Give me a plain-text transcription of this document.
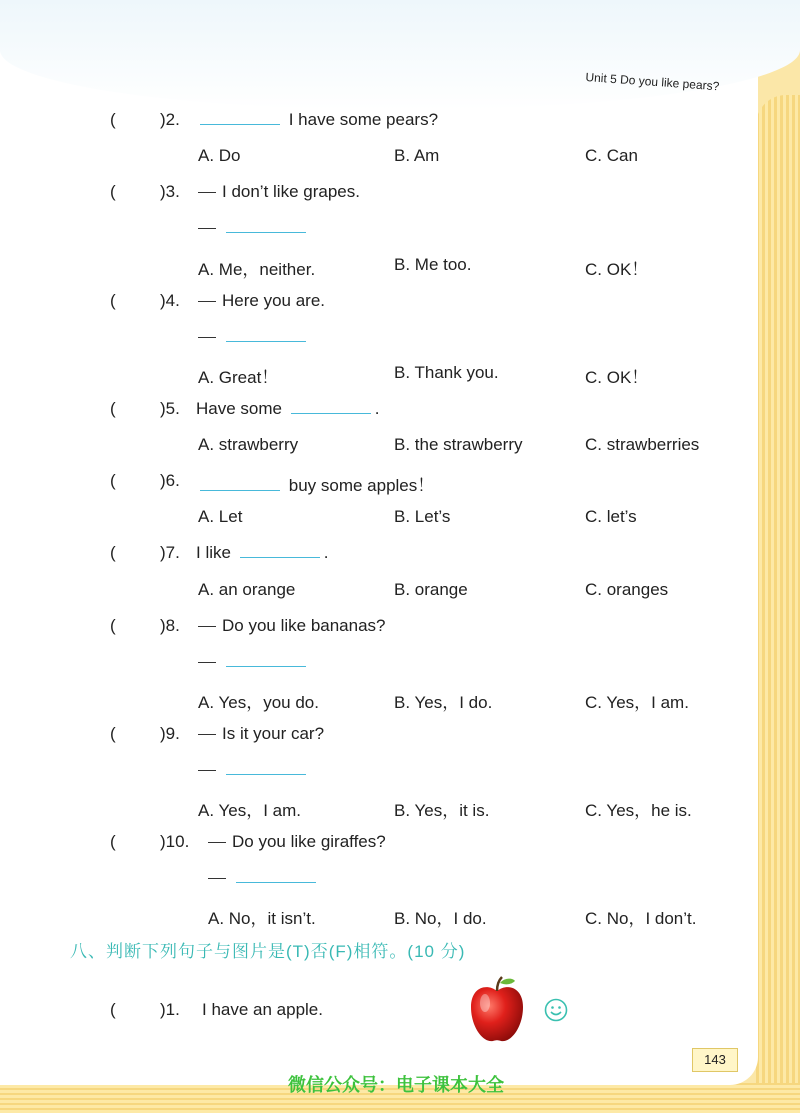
Unit 5 Do you like pears?
(	)2.	I have some pears?
A. Do	B. Am	C. Can
(	)3.	I don’t like grapes.
A. Me，neither.	B. Me too.	C. OK！
(	)4.	Here you are.
A. Great！	B. Thank you.	C. OK！
(	)5. Have some	.
A. strawberry	B. the strawberry	C. strawberries
(	)6.	buy some apples！
A. Let	B. Let’s	C. let’s
(	)7. I like	.
A. an orange	B. orange	C. oranges
(	)8.	Do you like bananas?
A. Yes，you do.	B. Yes，I do.	C. Yes，I am.
(	)9.	Is it your car?
A. Yes，I am.	B. Yes，it is.	C. Yes，he is.
(	)10.	Do you like giraffes?
A. No，it isn’t.	B. No，I do.	C. No，I don’t.
八、判断下列句子与图片是(T)否(F)相符。(10 分)
(	)1. I have an apple.
143
微信公众号：电子课本大全
